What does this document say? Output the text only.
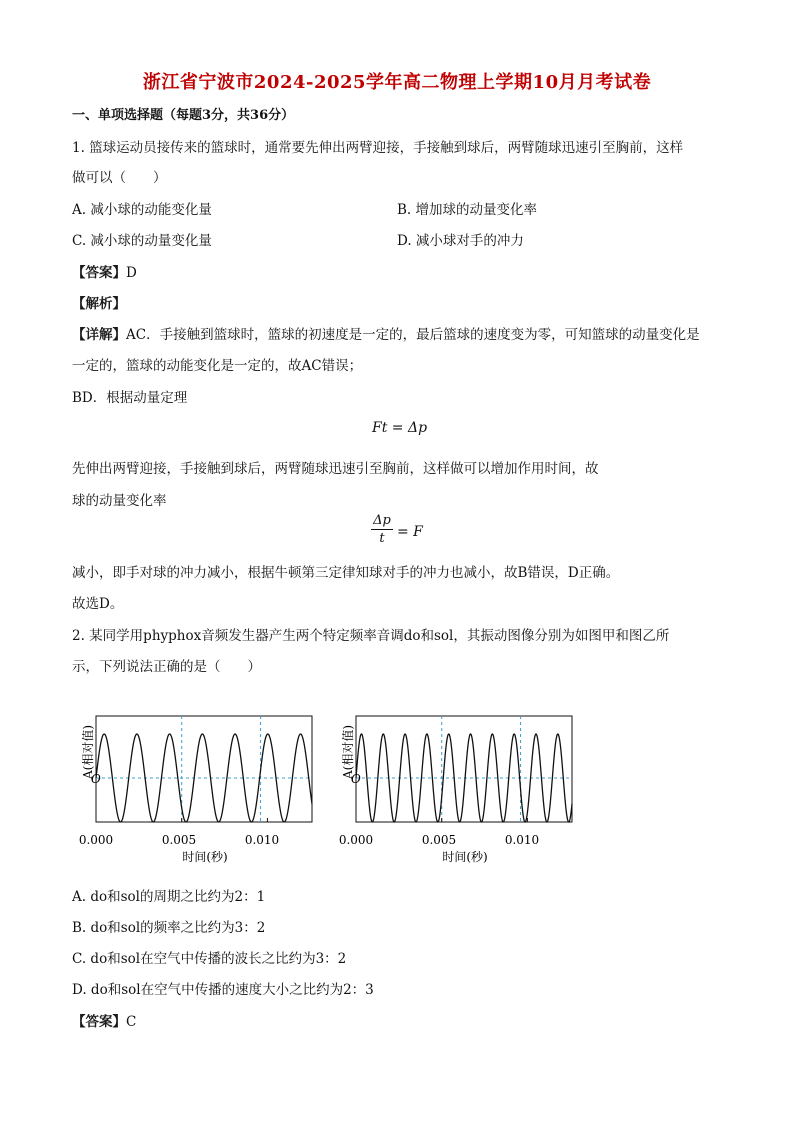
浙江省宁波市2024-2025学年高二物理上学期10月月考试卷
一、单项选择题（每题3分，共36分）
1. 篮球运动员接传来的篮球时，通常要先伸出两臂迎接，手接触到球后，两臂随球迅速引至胸前，这样
做可以（　　）
A. 减小球的动能变化量	B. 增加球的动量变化率
C. 减小球的动量变化量	D. 减小球对手的冲力
【答案】D
【解析】
【详解】AC．手接触到篮球时，篮球的初速度是一定的，最后篮球的速度变为零，可知篮球的动量变化是
一定的，篮球的动能变化是一定的，故AC错误；
BD．根据动量定理
Ft = Δp
先伸出两臂迎接，手接触到球后，两臂随球迅速引至胸前，这样做可以增加作用时间，故
球的动量变化率
Δp
t = F
减小，即手对球的冲力减小，根据牛顿第三定律知球对手的冲力也减小，故B错误，D正确。
故选D。
2. 某同学用phyphox音频发生器产生两个特定频率音调do和sol，其振动图像分别为如图甲和图乙所
示，下列说法正确的是（　　）
A(相对值)
O
0.000	0.005	0.010
时间(秒)
A(相对值)
O
0.000	0.005	0.010
时间(秒)
A. do和sol的周期之比约为2：1
B. do和sol的频率之比约为3：2
C. do和sol在空气中传播的波长之比约为3：2
D. do和sol在空气中传播的速度大小之比约为2：3
【答案】C
